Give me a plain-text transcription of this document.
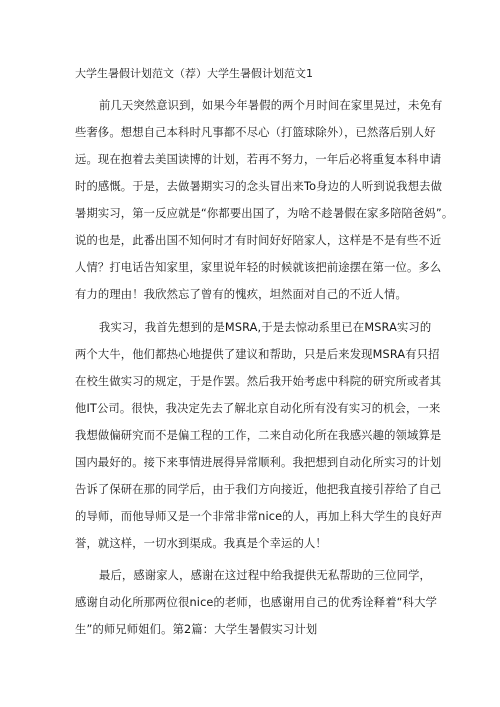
大学生暑假计划范文（荐）大学生暑假计划范文1
前几天突然意识到，如果今年暑假的两个月时间在家里晃过，未免有
些奢侈。想想自己本科时凡事都不尽心（打篮球除外），已然落后别人好
远。现在抱着去美国读博的计划，若再不努力，一年后必将重复本科申请
时的感慨。于是，去做暑期实习的念头冒出来To身边的人听到说我想去做
暑期实习，第一反应就是“你都要出国了，为啥不趁暑假在家多陪陪爸妈”。
说的也是，此番出国不知何时才有时间好好陪家人，这样是不是有些不近
人情？打电话告知家里，家里说年轻的时候就该把前途摆在第一位。多么
有力的理由！我欣然忘了曾有的愧疚，坦然面对自己的不近人情。
我实习，我首先想到的是MSRA,于是去惊动系里已在MSRA实习的
两个大牛，他们都热心地提供了建议和帮助，只是后来发现MSRA有只招
在校生做实习的规定，于是作罢。然后我开始考虑中科院的研究所或者其
他IT公司。很快，我决定先去了解北京自动化所有没有实习的机会，一来
我想做偏研究而不是偏工程的工作，二来自动化所在我感兴趣的领域算是
国内最好的。接下来事情进展得异常顺利。我把想到自动化所实习的计划
告诉了保研在那的同学后，由于我们方向接近，他把我直接引荐给了自己
的导师，而他导师又是一个非常非常nice的人，再加上科大学生的良好声
誉，就这样，一切水到渠成。我真是个幸运的人！
最后，感谢家人，感谢在这过程中给我提供无私帮助的三位同学，
感谢自动化所那两位很nice的老师，也感谢用自己的优秀诠释着“科大学
生”的师兄师姐们。第2篇：大学生暑假实习计划
